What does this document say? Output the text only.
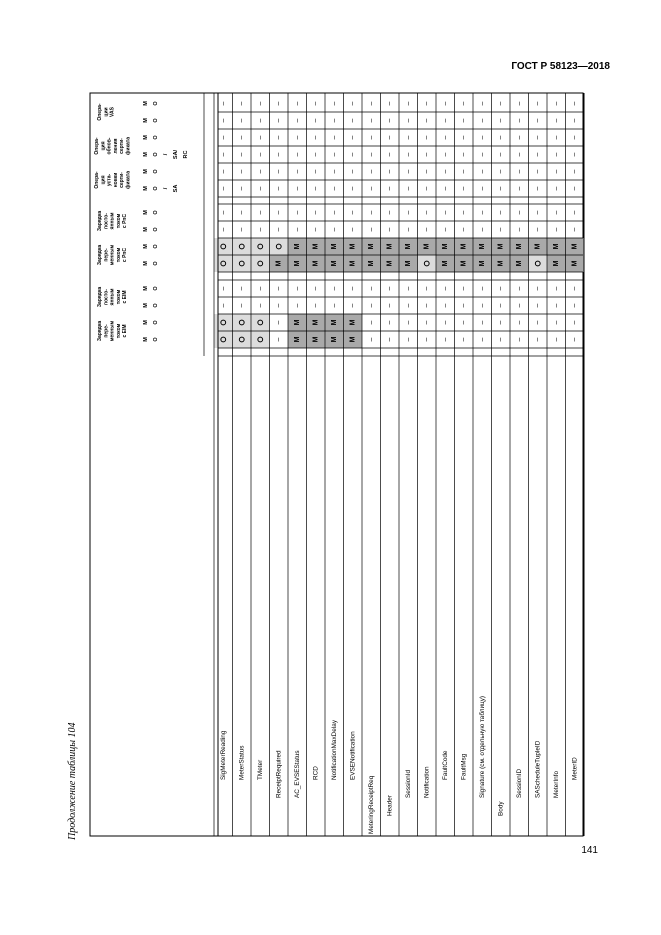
ГОСТ Р 58123—2018
Продолжение таблицы 104
141
–
–
–
–
–
–
–
–
–
–
–
–
–
–
–
–
–
–
–
–
–
–
–
–
–
–
–
–
–
–
–
–
–
–
M
–
–
–
–
–
–
–
–
M
M
–
–
M
M
–
–
–
–
–
–
–
–
M
M
–
–
M
M
–
–
–
–
–
–
–
–
M
M
–
–
M
M
–
–
–
–
–
–
–
–
M
M
–
–
M
M
–
–
–
–
–
–
–
–
–
–
–
–
M
M
–
–
–
–
–
–
–
–
–
–
–
–
M
M
–
–
–
–
–
–
–
–
–
–
–
–
M
M
–
–
–
–
–
–
–
–
–
–
–
–
M
–
–
–
–
–
–
–
–
–
–
–
–
M
M
–
–
–
–
–
–
–
–
–
–
–
–
M
M
–
–
–
–
–
–
–
–
–
–
–
–
M
M
–
–
–
–
–
–
–
–
–
–
–
–
M
M
–
–
–
–
–
–
–
–
–
–
–
–
M
M
–
–
–
–
–
–
–
–
–
–
–
–
M
–
–
–
–
–
–
–
–
–
–
–
–
M
M
–
–
–
–
–
–
–
–
–
–
–
–
M
M
–
–
–
–
–
–
–
–
Зарядка пере- менным током с EIM
M O
M O
Зарядка посто- янным током с EIM
M O
M O
Зарядка пере- менным током с PnC
M O
M O
Зарядка посто- янным током с PnC
M O
M O
Опера- ция уста- новки серти- фиката M O / SA
M O
Опера- ция обнов- ления серти- фиката M O / SA/ RC
M O
Опера- ции VAS
M O
M O
SigMeterReading MeterStatus TMeter ReceiptRequired AC_EVSEStatus RCD NotificationMaxDelay EVSENotification
MeteringReceiptReq Header
SessionId Notification
FaultCode FaultMsg Signature (см. отдельную таблицу)
Body
SessionID SAScheduleTupleID MeterInfo
MeterID
